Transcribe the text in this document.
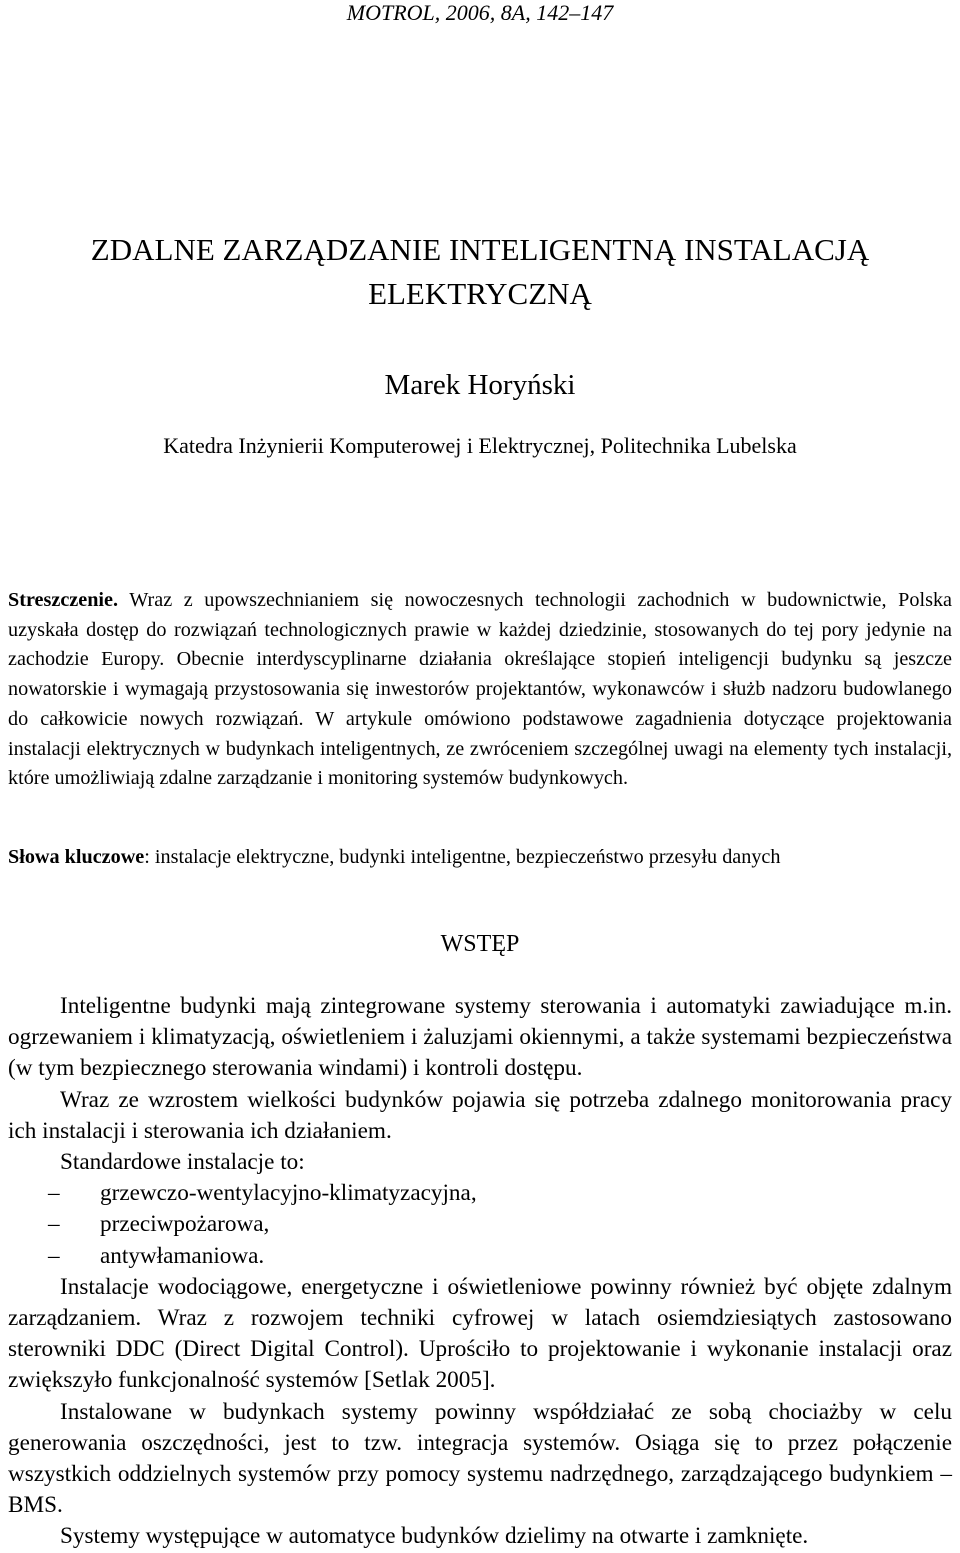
MOTROL, 2006, 8A, 142–147
ZDALNE ZARZĄDZANIE INTELIGENTNĄ INSTALACJĄ ELEKTRYCZNĄ
Marek Horyński
Katedra Inżynierii Komputerowej i Elektrycznej, Politechnika Lubelska
Streszczenie. Wraz z upowszechnianiem się nowoczesnych technologii zachodnich w budownictwie, Polska uzyskała dostęp do rozwiązań technologicznych prawie w każdej dziedzinie, stosowanych do tej pory jedynie na zachodzie Europy. Obecnie interdyscyplinarne działania określające stopień inteligencji budynku są jeszcze nowatorskie i wymagają przystosowania się inwestorów projektantów, wykonawców i służb nadzoru budowlanego do całkowicie nowych rozwiązań. W artykule omówiono podstawowe zagadnienia dotyczące projektowania instalacji elektrycznych w budynkach inteligentnych, ze zwróceniem szczególnej uwagi na elementy tych instalacji, które umożliwiają zdalne zarządzanie i monitoring systemów budynkowych.
Słowa kluczowe: instalacje elektryczne, budynki inteligentne, bezpieczeństwo przesyłu danych
WSTĘP

Inteligentne budynki mają zintegrowane systemy sterowania i automatyki zawiadujące m.in. ogrzewaniem i klimatyzacją, oświetleniem i żaluzjami okiennymi, a także systemami bezpieczeństwa (w tym bezpiecznego sterowania windami) i kontroli dostępu.

Wraz ze wzrostem wielkości budynków pojawia się potrzeba zdalnego monitorowania pracy ich instalacji i sterowania ich działaniem.

Standardowe instalacje to:

– grzewczo-wentylacyjno-klimatyzacyjna,
– przeciwpożarowa,
– antywłamaniowa.

Instalacje wodociągowe, energetyczne i oświetleniowe powinny również być objęte zdalnym zarządzaniem. Wraz z rozwojem techniki cyfrowej w latach osiemdziesiątych zastosowano sterowniki DDC (Direct Digital Control). Uprościło to projektowanie i wykonanie instalacji oraz zwiększyło funkcjonalność systemów [Setlak 2005].

Instalowane w budynkach systemy powinny współdziałać ze sobą chociażby w celu generowania oszczędności, jest to tzw. integracja systemów. Osiąga się to przez połączenie wszystkich oddzielnych systemów przy pomocy systemu nadrzędnego, zarządzającego budynkiem – BMS.

Systemy występujące w automatyce budynków dzielimy na otwarte i zamknięte.
